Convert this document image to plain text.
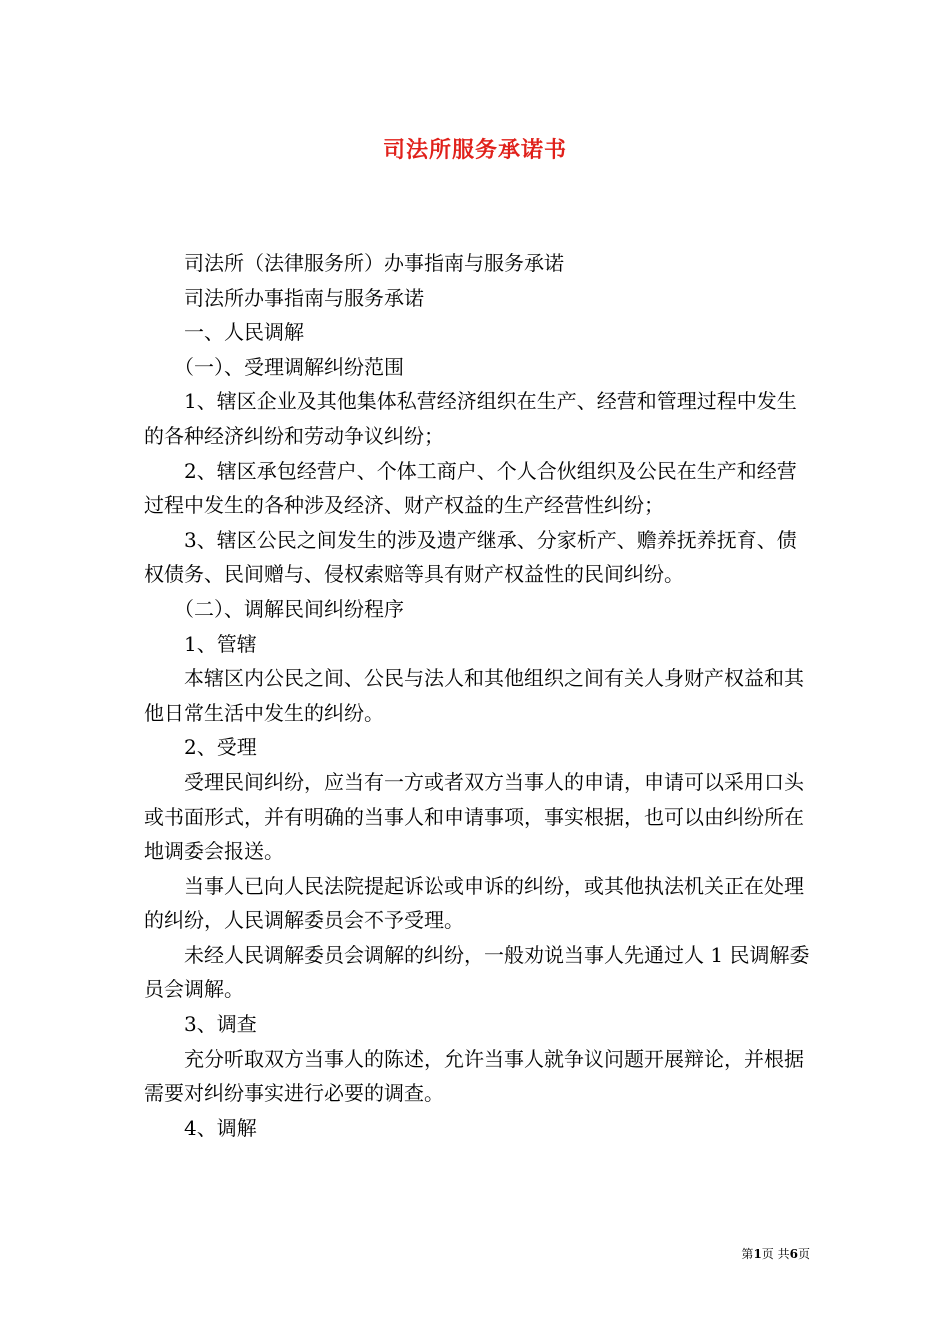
司法所服务承诺书

司法所（法律服务所）办事指南与服务承诺

司法所办事指南与服务承诺

一、人民调解

（一）、受理调解纠纷范围

1、辖区企业及其他集体私营经济组织在生产、经营和管理过程中发生的各种经济纠纷和劳动争议纠纷；

2、辖区承包经营户、个体工商户、个人合伙组织及公民在生产和经营过程中发生的各种涉及经济、财产权益的生产经营性纠纷；

3、辖区公民之间发生的涉及遗产继承、分家析产、赡养抚养抚育、债权债务、民间赠与、侵权索赔等具有财产权益性的民间纠纷。

（二）、调解民间纠纷程序

1、管辖

本辖区内公民之间、公民与法人和其他组织之间有关人身财产权益和其他日常生活中发生的纠纷。

2、受理

受理民间纠纷，应当有一方或者双方当事人的申请，申请可以采用口头或书面形式，并有明确的当事人和申请事项，事实根据，也可以由纠纷所在地调委会报送。

当事人已向人民法院提起诉讼或申诉的纠纷，或其他执法机关正在处理的纠纷，人民调解委员会不予受理。

未经人民调解委员会调解的纠纷，一般劝说当事人先通过人 1 民调解委员会调解。

3、调查

充分听取双方当事人的陈述，允许当事人就争议问题开展辩论，并根据需要对纠纷事实进行必要的调查。

4、调解

第1页 共6页
